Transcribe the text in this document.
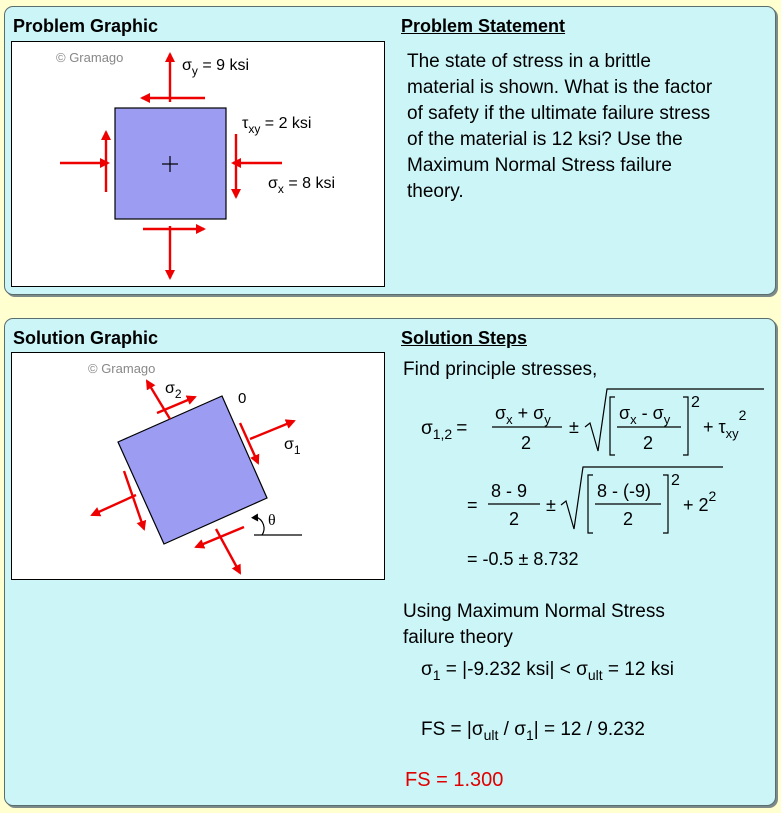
Problem Graphic	Problem Statement
© Gramago	$\sigma_y = 9$ ksi
$\tau_{xy} = 2$ ksi
$\sigma_x = 8$ ksi
The state of stress in a brittle
material is shown. What is the factor
of safety if the ultimate failure stress
of the material is 12 ksi? Use the
Maximum Normal Stress failure
theory.
Solution Graphic	Solution Steps
© Gramago
$\sigma_2$	0
$\sigma_1$
θ
Find principle stresses,
$\sigma_{1,2}$ =
$\sigma_x + \sigma_y$
2
±
$\sigma_x - \sigma_y$
2
2
+ $\tau_{xy}^2$
=
8 - 9
2
±
8 - (-9)
2
2
+ $2^2$
= -0.5 ± 8.732
Using Maximum Normal Stress
failure theory
$\sigma_1 = |-9.232$ $ksi| < \sigma_{ult} = 12$ ksi
FS = $|\sigma_{ult} / \sigma_1| = 12 / 9.232$
FS = 1.300
